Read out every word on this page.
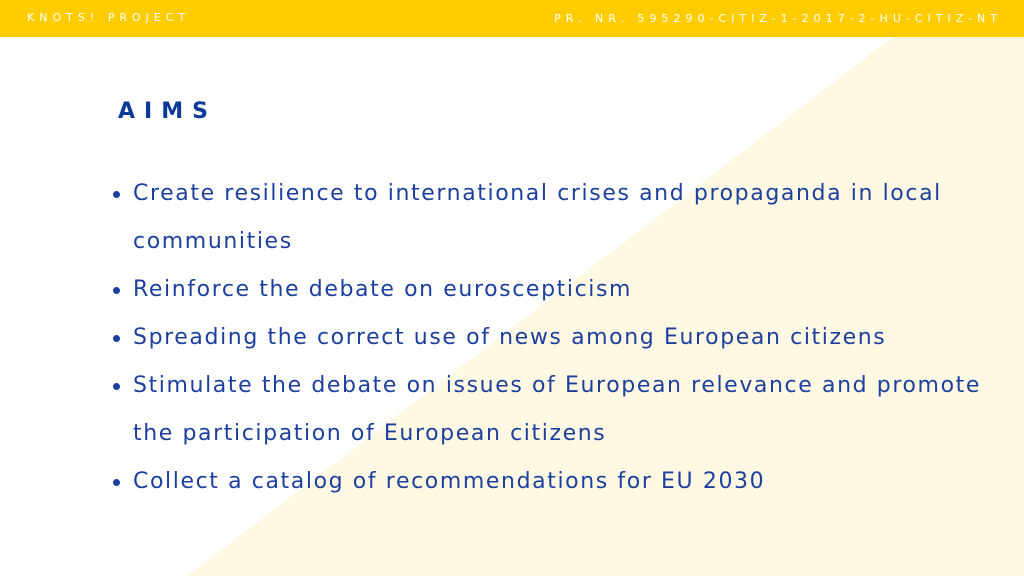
KNOTS! PROJECT	PR. NR. 595290-CITIZ-1-2017-2-HU-CITIZ-NT
AIMS
Create resilience to international crises and propaganda in local communities
Reinforce the debate on euroscepticism
Spreading the correct use of news among European citizens
Stimulate the debate on issues of European relevance and promote the participation of European citizens
Collect a catalog of recommendations for EU 2030
